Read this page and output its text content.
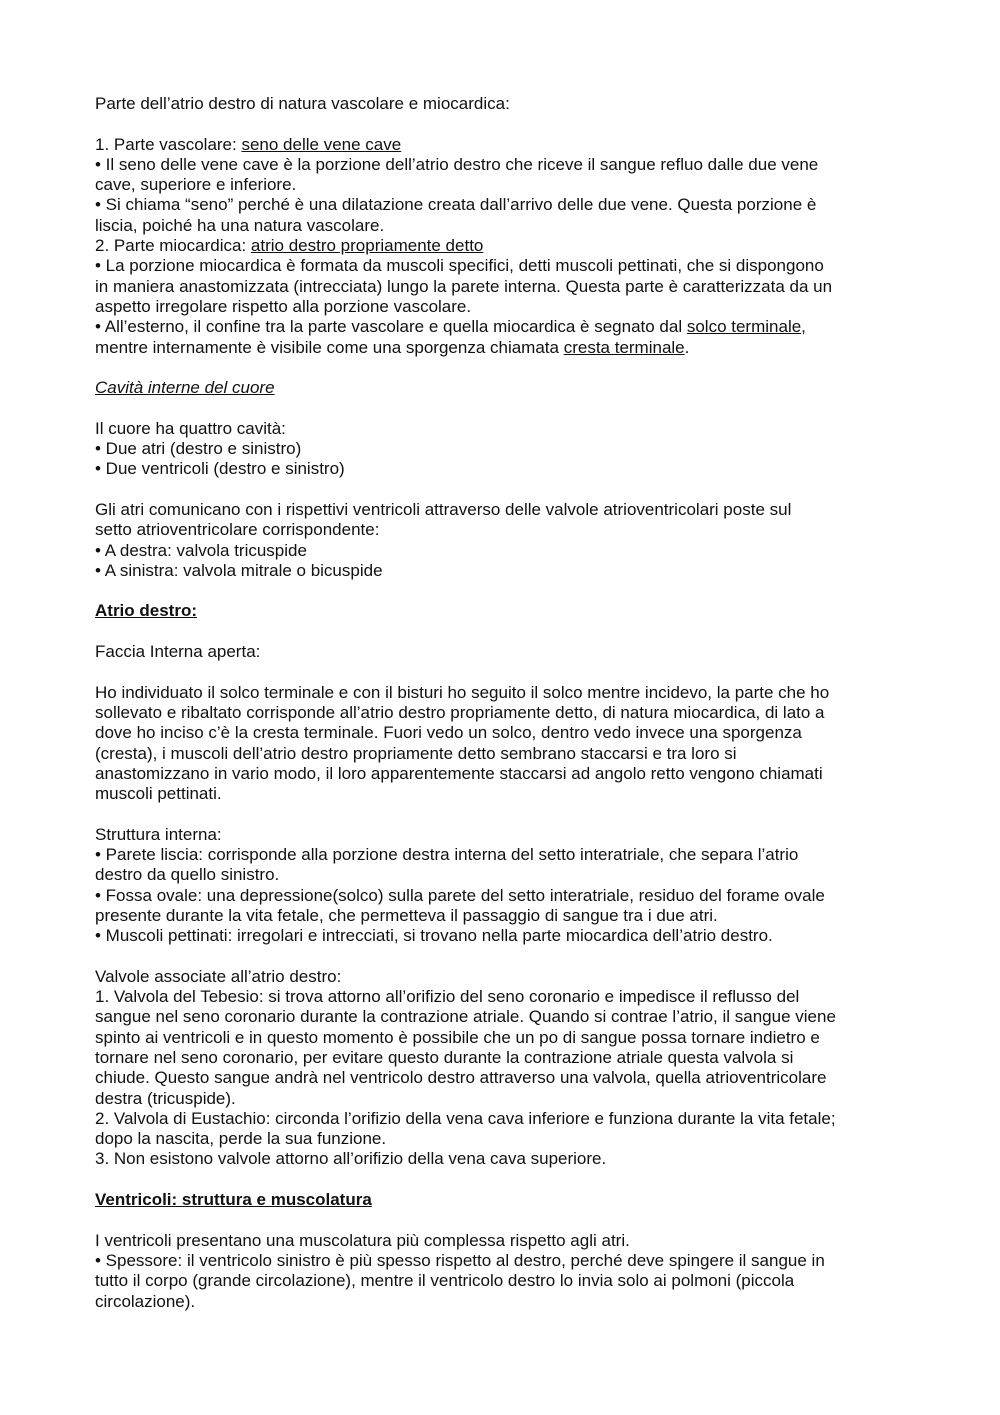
Parte dell’atrio destro di natura vascolare e miocardica:
1. Parte vascolare: seno delle vene cave
• Il seno delle vene cave è la porzione dell’atrio destro che riceve il sangue refluo dalle due vene
cave, superiore e inferiore.
• Si chiama “seno” perché è una dilatazione creata dall’arrivo delle due vene. Questa porzione è
liscia, poiché ha una natura vascolare.
2. Parte miocardica: atrio destro propriamente detto
• La porzione miocardica è formata da muscoli specifici, detti muscoli pettinati, che si dispongono
in maniera anastomizzata (intrecciata) lungo la parete interna. Questa parte è caratterizzata da un
aspetto irregolare rispetto alla porzione vascolare.
• All’esterno, il confine tra la parte vascolare e quella miocardica è segnato dal solco terminale,
mentre internamente è visibile come una sporgenza chiamata cresta terminale.
Cavità interne del cuore
Il cuore ha quattro cavità:
• Due atri (destro e sinistro)
• Due ventricoli (destro e sinistro)
Gli atri comunicano con i rispettivi ventricoli attraverso delle valvole atrioventricolari poste sul
setto atrioventricolare corrispondente:
• A destra: valvola tricuspide
• A sinistra: valvola mitrale o bicuspide
Atrio destro:
Faccia Interna aperta:
Ho individuato il solco terminale e con il bisturi ho seguito il solco mentre incidevo, la parte che ho
sollevato e ribaltato corrisponde all’atrio destro propriamente detto, di natura miocardica, di lato a
dove ho inciso c’è la cresta terminale. Fuori vedo un solco, dentro vedo invece una sporgenza
(cresta), i muscoli dell’atrio destro propriamente detto sembrano staccarsi e tra loro si
anastomizzano in vario modo, il loro apparentemente staccarsi ad angolo retto vengono chiamati
muscoli pettinati.
Struttura interna:
• Parete liscia: corrisponde alla porzione destra interna del setto interatriale, che separa l’atrio
destro da quello sinistro.
• Fossa ovale: una depressione(solco) sulla parete del setto interatriale, residuo del forame ovale
presente durante la vita fetale, che permetteva il passaggio di sangue tra i due atri.
• Muscoli pettinati: irregolari e intrecciati, si trovano nella parte miocardica dell’atrio destro.
Valvole associate all’atrio destro:
1. Valvola del Tebesio: si trova attorno all’orifizio del seno coronario e impedisce il reflusso del
sangue nel seno coronario durante la contrazione atriale. Quando si contrae l’atrio, il sangue viene
spinto ai ventricoli e in questo momento è possibile che un po di sangue possa tornare indietro e
tornare nel seno coronario, per evitare questo durante la contrazione atriale questa valvola si
chiude. Questo sangue andrà nel ventricolo destro attraverso una valvola, quella atrioventricolare
destra (tricuspide).
2. Valvola di Eustachio: circonda l’orifizio della vena cava inferiore e funziona durante la vita fetale;
dopo la nascita, perde la sua funzione.
3. Non esistono valvole attorno all’orifizio della vena cava superiore.
Ventricoli: struttura e muscolatura
I ventricoli presentano una muscolatura più complessa rispetto agli atri.
• Spessore: il ventricolo sinistro è più spesso rispetto al destro, perché deve spingere il sangue in
tutto il corpo (grande circolazione), mentre il ventricolo destro lo invia solo ai polmoni (piccola
circolazione).
